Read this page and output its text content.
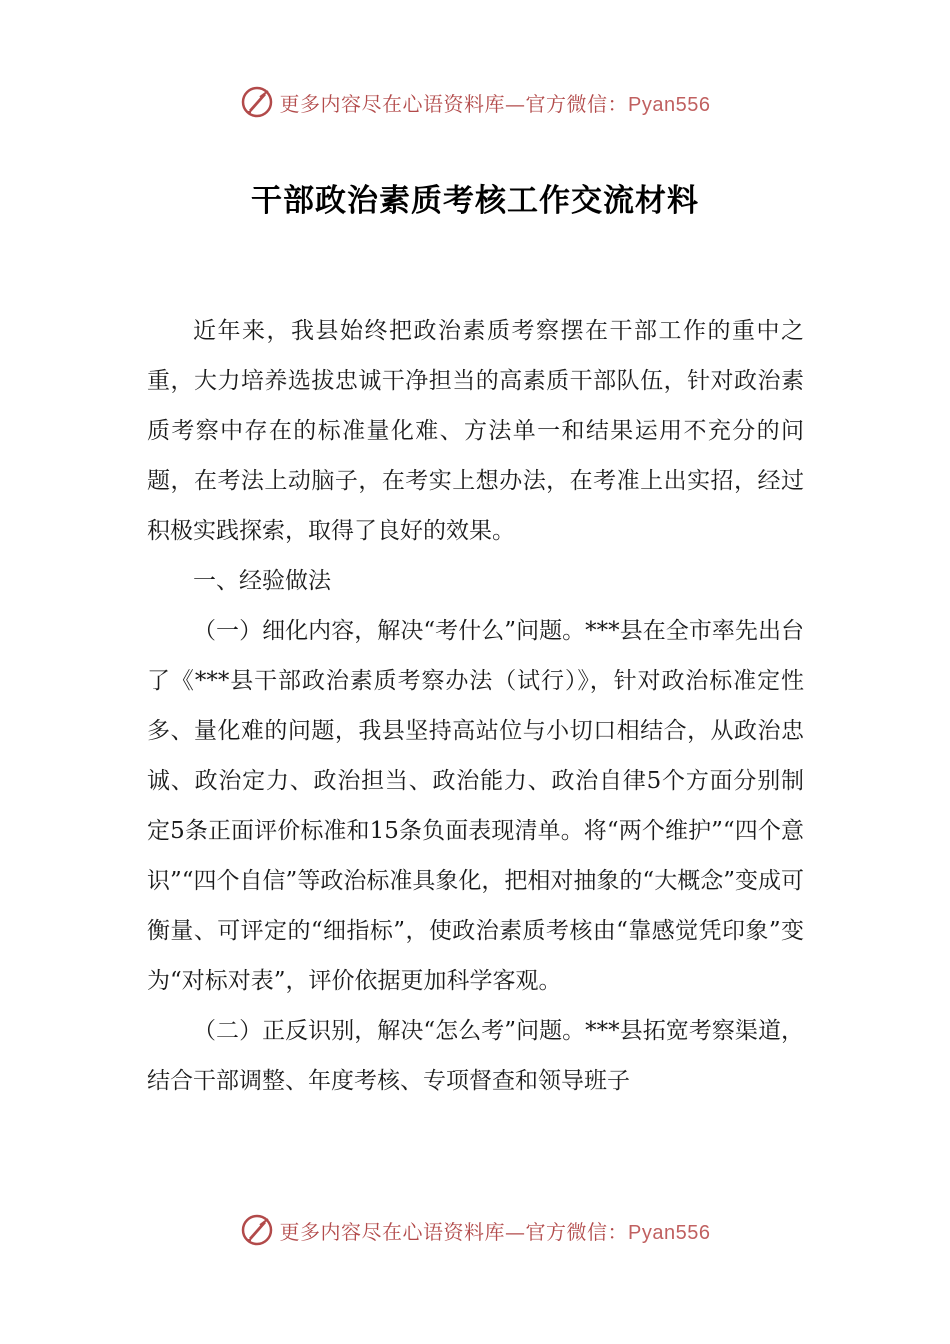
更多内容尽在心语资料库—官方微信：Pyan556
干部政治素质考核工作交流材料

近年来，我县始终把政治素质考察摆在干部工作的重中之重，大力培养选拔忠诚干净担当的高素质干部队伍，针对政治素质考察中存在的标准量化难、方法单一和结果运用不充分的问题，在考法上动脑子，在考实上想办法，在考准上出实招，经过积极实践探索，取得了良好的效果。

一、经验做法

（一）细化内容，解决“考什么”问题。***县在全市率先出台了《***县干部政治素质考察办法（试行）》，针对政治标准定性多、量化难的问题，我县坚持高站位与小切口相结合，从政治忠诚、政治定力、政治担当、政治能力、政治自律5个方面分别制定5条正面评价标准和15条负面表现清单。将“两个维护”“四个意识”“四个自信”等政治标准具象化，把相对抽象的“大概念”变成可衡量、可评定的“细指标”，使政治素质考核由“靠感觉凭印象”变为“对标对表”，评价依据更加科学客观。

（二）正反识别，解决“怎么考”问题。***县拓宽考察渠道，结合干部调整、年度考核、专项督查和领导班子

更多内容尽在心语资料库—官方微信：Pyan556
